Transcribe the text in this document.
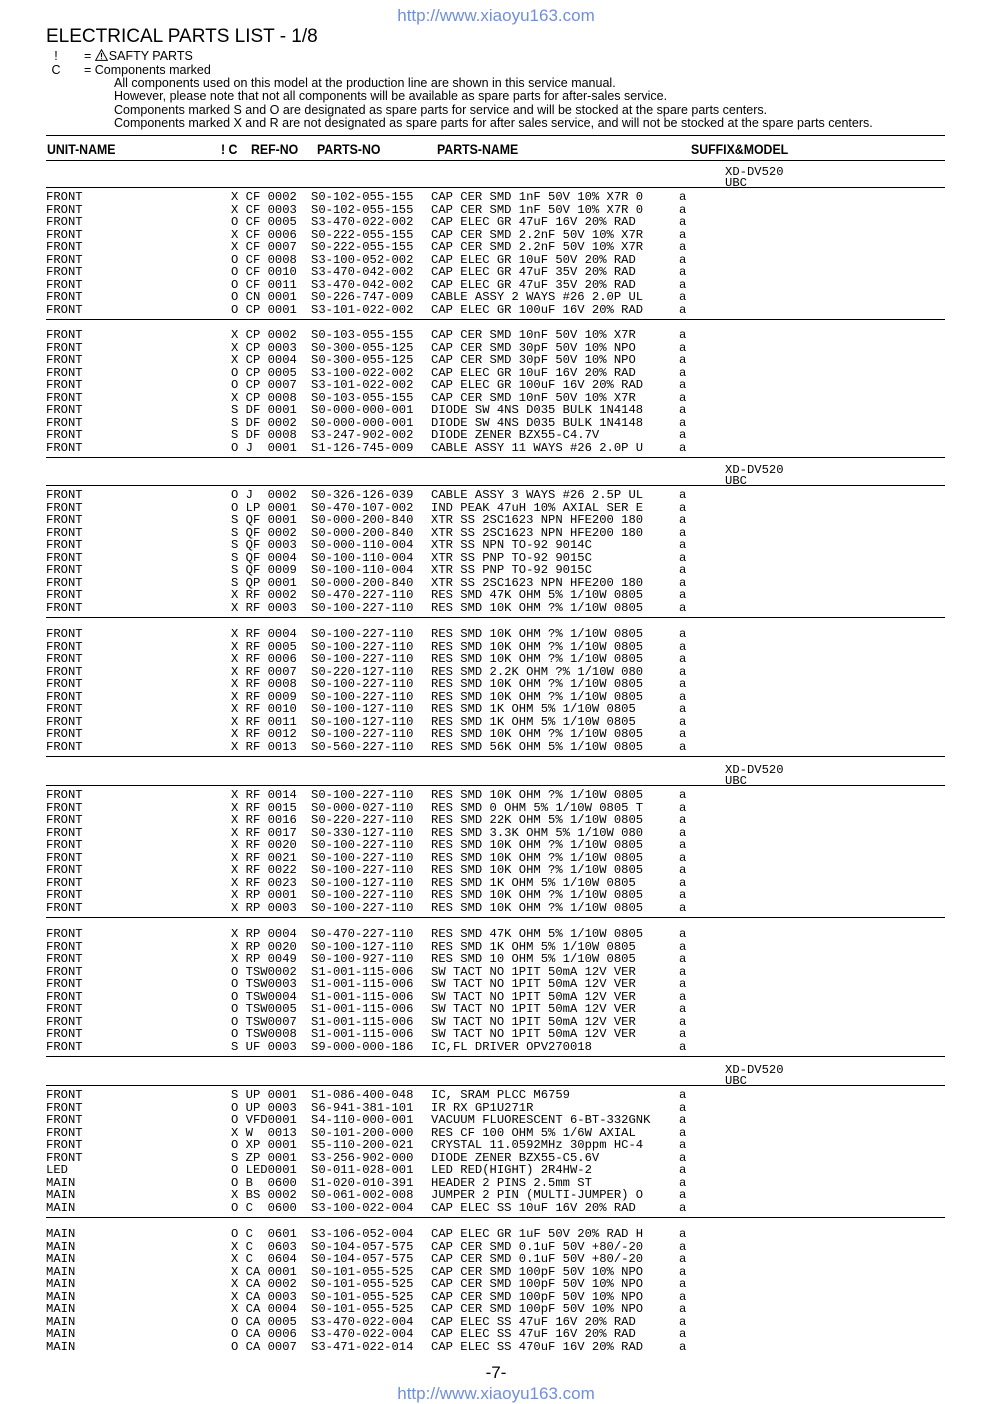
http://www.xiaoyu163.com
ELECTRICAL PARTS LIST - 1/8
!	= SAFTY PARTS
C	= Components marked
All components used on this model at the production line are shown in this service manual.
However, please note that not all components will be available as spare parts for after-sales service.
Components marked S and O are designated as spare parts for service and will be stocked at the spare parts centers.
Components marked X and R are not designated as spare parts for after sales service, and will not be stocked at the spare parts centers.
UNIT-NAME	! C REF-NO PARTS-NO	PARTS-NAME	SUFFIX&MODEL
XD-DV520
UBC
FRONT	X CF 0002 S0-102-055-155 CAP CER SMD 1nF 50V 10% X7R 0	a
FRONT	X CF 0003 S0-102-055-155 CAP CER SMD 1nF 50V 10% X7R 0	a
FRONT	O CF 0005 S3-470-022-002 CAP ELEC GR 47uF 16V 20% RAD	a
FRONT	X CF 0006 S0-222-055-155 CAP CER SMD 2.2nF 50V 10% X7R	a
FRONT	X CF 0007 S0-222-055-155 CAP CER SMD 2.2nF 50V 10% X7R	a
FRONT	O CF 0008 S3-100-052-002 CAP ELEC GR 10uF 50V 20% RAD	a
FRONT	O CF 0010 S3-470-042-002 CAP ELEC GR 47uF 35V 20% RAD	a
FRONT	O CF 0011 S3-470-042-002 CAP ELEC GR 47uF 35V 20% RAD	a
FRONT	O CN 0001 S0-226-747-009 CABLE ASSY 2 WAYS #26 2.0P UL	a
FRONT	O CP 0001 S3-101-022-002 CAP ELEC GR 100uF 16V 20% RAD	a
FRONT	X CP 0002 S0-103-055-155 CAP CER SMD 10nF 50V 10% X7R	a
FRONT	X CP 0003 S0-300-055-125 CAP CER SMD 30pF 50V 10% NPO	a
FRONT	X CP 0004 S0-300-055-125 CAP CER SMD 30pF 50V 10% NPO	a
FRONT	O CP 0005 S3-100-022-002 CAP ELEC GR 10uF 16V 20% RAD	a
FRONT	O CP 0007 S3-101-022-002 CAP ELEC GR 100uF 16V 20% RAD	a
FRONT	X CP 0008 S0-103-055-155 CAP CER SMD 10nF 50V 10% X7R	a
FRONT	S DF 0001 S0-000-000-001 DIODE SW 4NS D035 BULK 1N4148	a
FRONT	S DF 0002 S0-000-000-001 DIODE SW 4NS D035 BULK 1N4148	a
FRONT	S DF 0008 S3-247-902-002 DIODE ZENER BZX55-C4.7V	a
FRONT	O J  0001 S1-126-745-009 CABLE ASSY 11 WAYS #26 2.0P U	a
XD-DV520
UBC
FRONT	O J  0002 S0-326-126-039 CABLE ASSY 3 WAYS #26 2.5P UL	a
FRONT	O LP 0001 S0-470-107-002 IND PEAK 47uH 10% AXIAL SER E	a
FRONT	S QF 0001 S0-000-200-840 XTR SS 2SC1623 NPN HFE200 180	a
FRONT	S QF 0002 S0-000-200-840 XTR SS 2SC1623 NPN HFE200 180	a
FRONT	S QF 0003 S0-000-110-004 XTR SS NPN TO-92 9014C	a
FRONT	S QF 0004 S0-100-110-004 XTR SS PNP TO-92 9015C	a
FRONT	S QF 0009 S0-100-110-004 XTR SS PNP TO-92 9015C	a
FRONT	S QP 0001 S0-000-200-840 XTR SS 2SC1623 NPN HFE200 180	a
FRONT	X RF 0002 S0-470-227-110 RES SMD 47K OHM 5% 1/10W 0805	a
FRONT	X RF 0003 S0-100-227-110 RES SMD 10K OHM ?% 1/10W 0805	a
FRONT	X RF 0004 S0-100-227-110 RES SMD 10K OHM ?% 1/10W 0805	a
FRONT	X RF 0005 S0-100-227-110 RES SMD 10K OHM ?% 1/10W 0805	a
FRONT	X RF 0006 S0-100-227-110 RES SMD 10K OHM ?% 1/10W 0805	a
FRONT	X RF 0007 S0-220-127-110 RES SMD 2.2K OHM ?% 1/10W 080	a
FRONT	X RF 0008 S0-100-227-110 RES SMD 10K OHM ?% 1/10W 0805	a
FRONT	X RF 0009 S0-100-227-110 RES SMD 10K OHM ?% 1/10W 0805	a
FRONT	X RF 0010 S0-100-127-110 RES SMD 1K OHM 5% 1/10W 0805	a
FRONT	X RF 0011 S0-100-127-110 RES SMD 1K OHM 5% 1/10W 0805	a
FRONT	X RF 0012 S0-100-227-110 RES SMD 10K OHM ?% 1/10W 0805	a
FRONT	X RF 0013 S0-560-227-110 RES SMD 56K OHM 5% 1/10W 0805	a
XD-DV520
UBC
FRONT	X RF 0014 S0-100-227-110 RES SMD 10K OHM ?% 1/10W 0805	a
FRONT	X RF 0015 S0-000-027-110 RES SMD 0 OHM 5% 1/10W 0805 T	a
FRONT	X RF 0016 S0-220-227-110 RES SMD 22K OHM 5% 1/10W 0805	a
FRONT	X RF 0017 S0-330-127-110 RES SMD 3.3K OHM 5% 1/10W 080	a
FRONT	X RF 0020 S0-100-227-110 RES SMD 10K OHM ?% 1/10W 0805	a
FRONT	X RF 0021 S0-100-227-110 RES SMD 10K OHM ?% 1/10W 0805	a
FRONT	X RF 0022 S0-100-227-110 RES SMD 10K OHM ?% 1/10W 0805	a
FRONT	X RF 0023 S0-100-127-110 RES SMD 1K OHM 5% 1/10W 0805	a
FRONT	X RP 0001 S0-100-227-110 RES SMD 10K OHM ?% 1/10W 0805	a
FRONT	X RP 0003 S0-100-227-110 RES SMD 10K OHM ?% 1/10W 0805	a
FRONT	X RP 0004 S0-470-227-110 RES SMD 47K OHM 5% 1/10W 0805	a
FRONT	X RP 0020 S0-100-127-110 RES SMD 1K OHM 5% 1/10W 0805	a
FRONT	X RP 0049 S0-100-927-110 RES SMD 10 OHM 5% 1/10W 0805	a
FRONT	O TSW0002 S1-001-115-006 SW TACT NO 1PIT 50mA 12V VER	a
FRONT	O TSW0003 S1-001-115-006 SW TACT NO 1PIT 50mA 12V VER	a
FRONT	O TSW0004 S1-001-115-006 SW TACT NO 1PIT 50mA 12V VER	a
FRONT	O TSW0005 S1-001-115-006 SW TACT NO 1PIT 50mA 12V VER	a
FRONT	O TSW0007 S1-001-115-006 SW TACT NO 1PIT 50mA 12V VER	a
FRONT	O TSW0008 S1-001-115-006 SW TACT NO 1PIT 50mA 12V VER	a
FRONT	S UF 0003 S9-000-000-186 IC,FL DRIVER OPV270018	a
XD-DV520
UBC
FRONT	S UP 0001 S1-086-400-048 IC, SRAM PLCC M6759	a
FRONT	O UP 0003 S6-941-381-101 IR RX GP1U271R	a
FRONT	O VFD0001 S4-110-000-001 VACUUM FLUORESCENT 6-BT-332GNK a
FRONT	X W  0013 S0-101-200-000 RES CF 100 OHM 5% 1/6W AXIAL	a
FRONT	O XP 0001 S5-110-200-021 CRYSTAL 11.0592MHz 30ppm HC-4	a
FRONT	S ZP 0001 S3-256-902-000 DIODE ZENER BZX55-C5.6V	a
LED	O LED0001 S0-011-028-001 LED RED(HIGHT) 2R4HW-2	a
MAIN	O B  0600 S1-020-010-391 HEADER 2 PINS 2.5mm ST	a
MAIN	X BS 0002 S0-061-002-008 JUMPER 2 PIN (MULTI-JUMPER) O	a
MAIN	O C  0600 S3-100-022-004 CAP ELEC SS 10uF 16V 20% RAD	a
MAIN	O C  0601 S3-106-052-004 CAP ELEC GR 1uF 50V 20% RAD H	a
MAIN	X C  0603 S0-104-057-575 CAP CER SMD 0.1uF 50V +80/-20	a
MAIN	X C  0604 S0-104-057-575 CAP CER SMD 0.1uF 50V +80/-20	a
MAIN	X CA 0001 S0-101-055-525 CAP CER SMD 100pF 50V 10% NPO	a
MAIN	X CA 0002 S0-101-055-525 CAP CER SMD 100pF 50V 10% NPO	a
MAIN	X CA 0003 S0-101-055-525 CAP CER SMD 100pF 50V 10% NPO	a
MAIN	X CA 0004 S0-101-055-525 CAP CER SMD 100pF 50V 10% NPO	a
MAIN	O CA 0005 S3-470-022-004 CAP ELEC SS 47uF 16V 20% RAD	a
MAIN	O CA 0006 S3-470-022-004 CAP ELEC SS 47uF 16V 20% RAD	a
MAIN	O CA 0007 S3-471-022-014 CAP ELEC SS 470uF 16V 20% RAD	a
-7-
http://www.xiaoyu163.com
